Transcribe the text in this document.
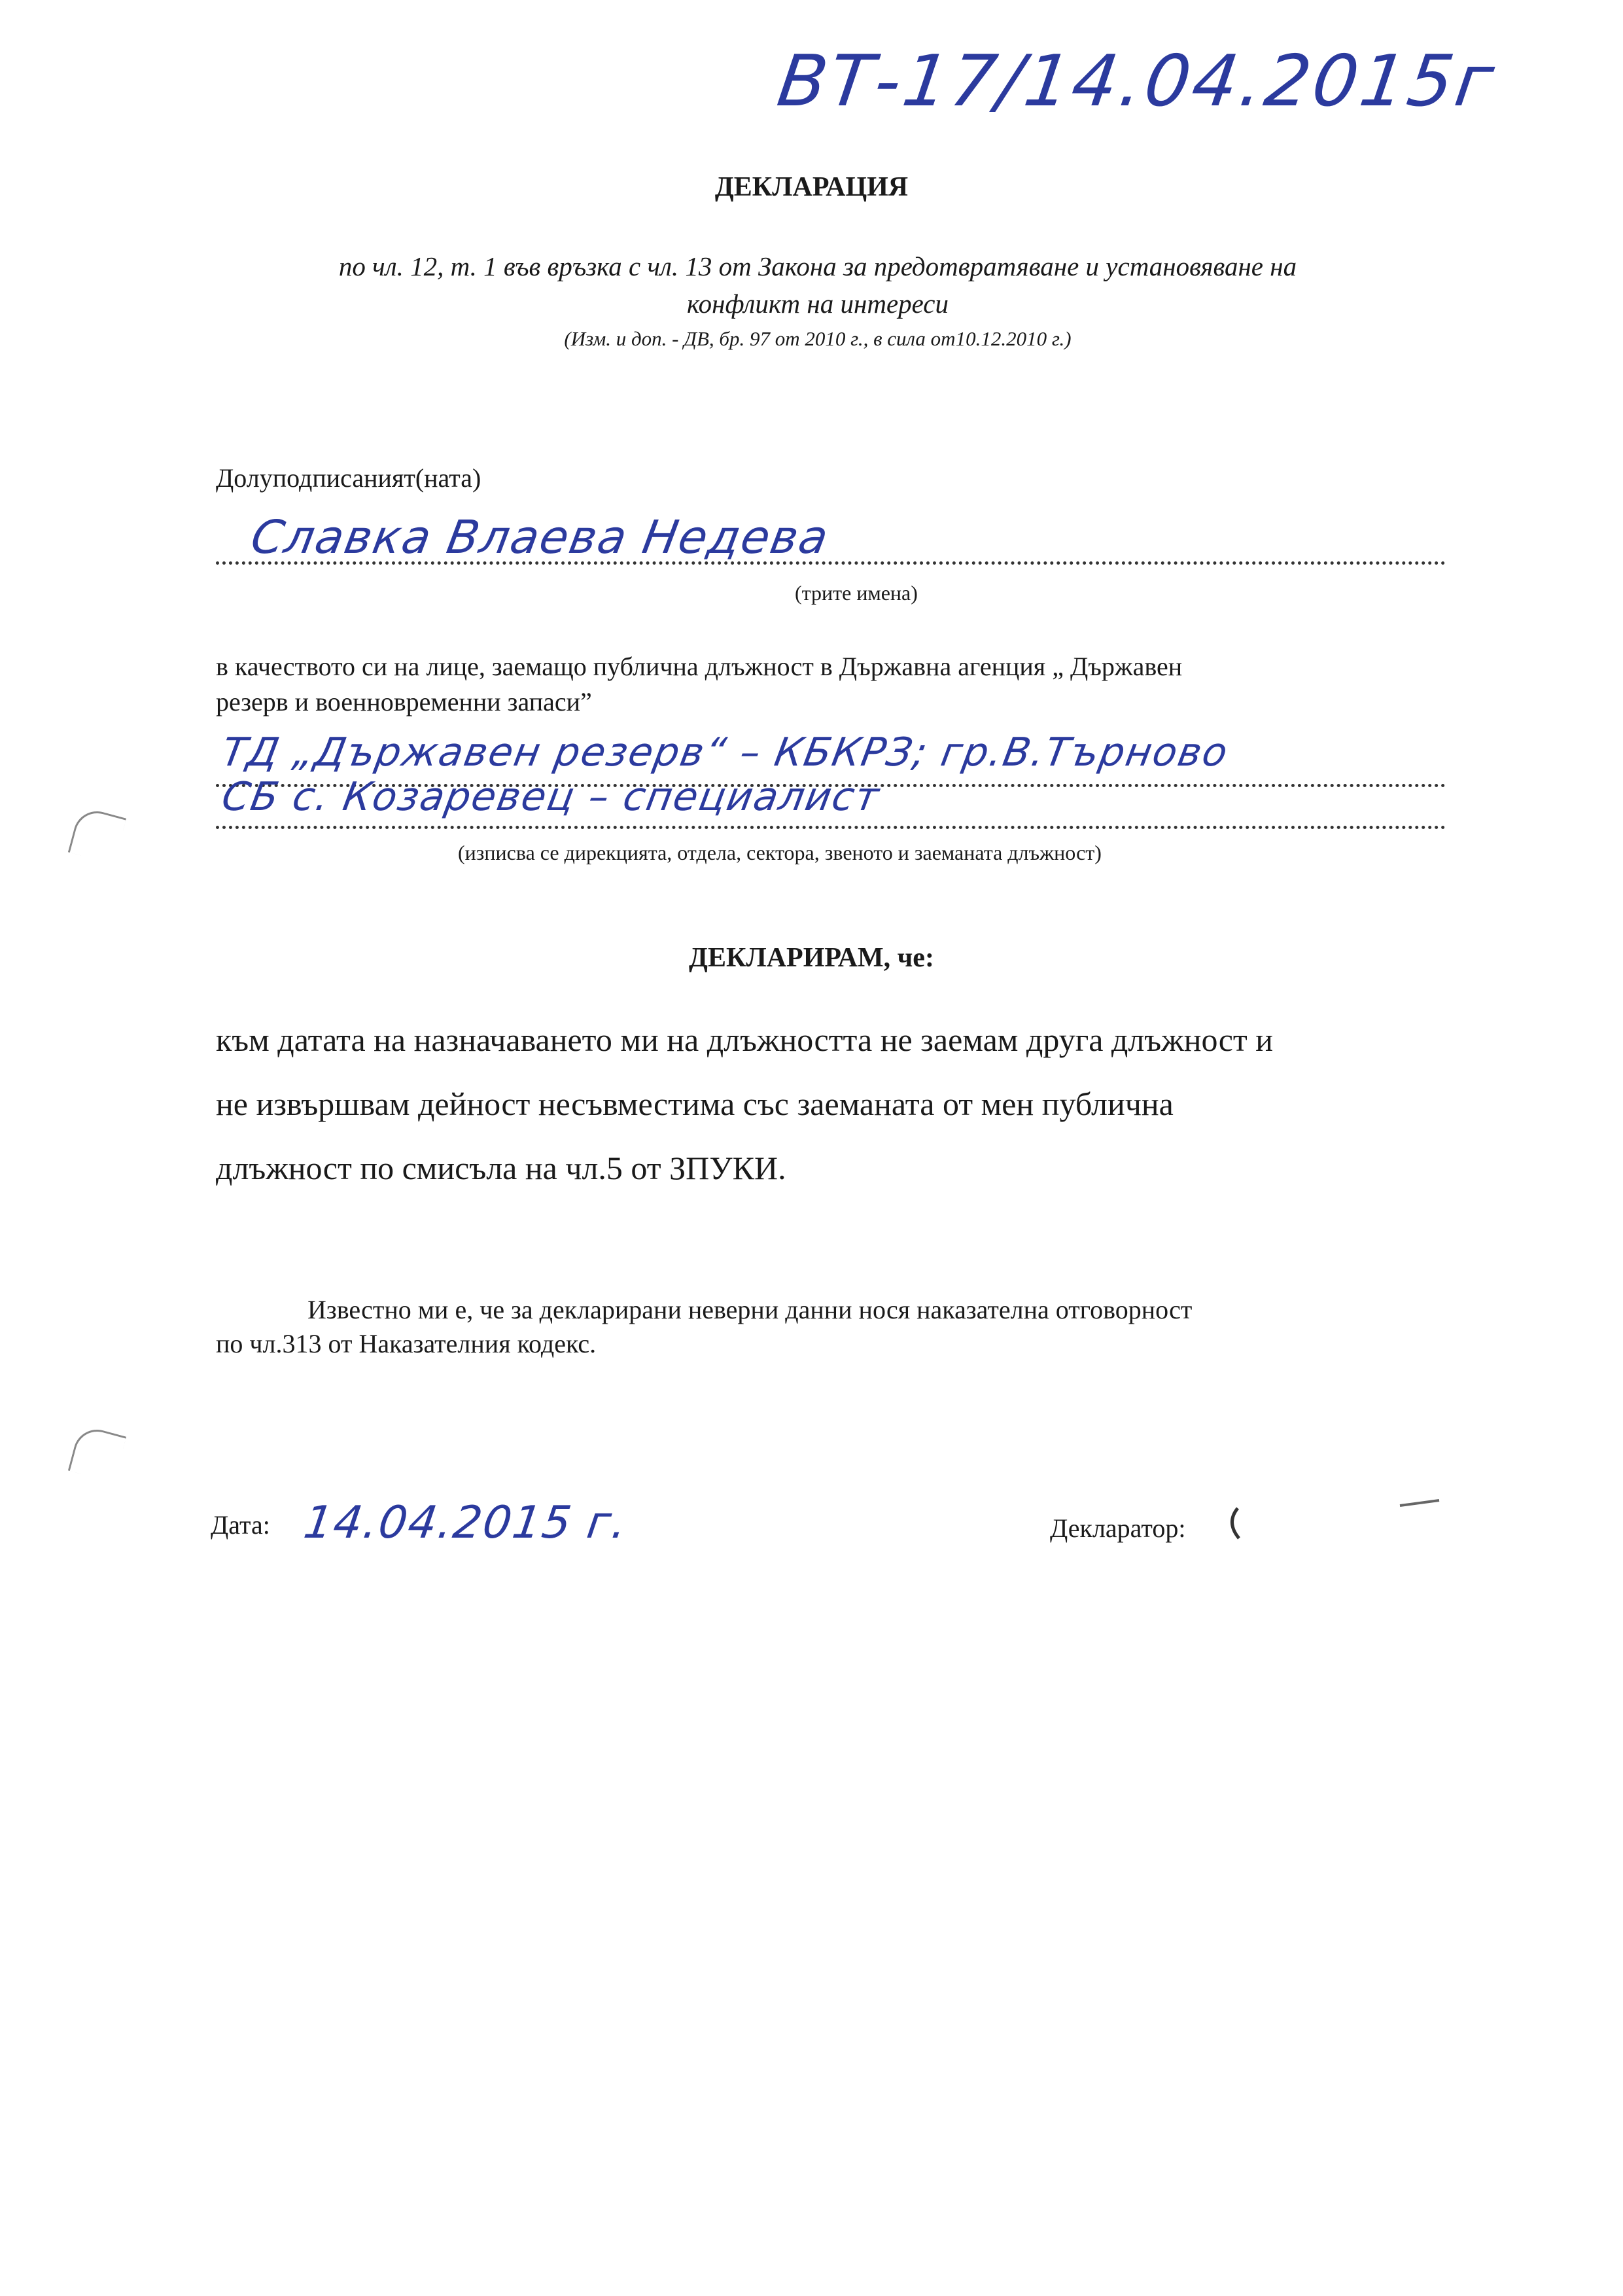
ВТ-17/14.04.2015г
ДЕКЛАРАЦИЯ
по чл. 12, т. 1 във връзка с чл. 13 от Закона за предотвратяване и установяване на
конфликт на интереси
(Изм. и доп. - ДВ, бр. 97 от 2010 г., в сила от10.12.2010 г.)
Долуподписаният(ната)
Славка Влаева Недева
(трите имена)
в качеството си на лице, заемащо публична длъжност в Държавна агенция „ Държавен
резерв и военновременни запаси”
ТД „Държавен резерв“ – КБКРЗ; гр.В.Търново
СБ с. Козаревец – специалист
(изписва се дирекцията, отдела, сектора, звеното и заеманата длъжност)
ДЕКЛАРИРАМ, че:
към датата на назначаването ми на длъжността не заемам друга длъжност и
не извършвам дейност несъвместима със заеманата от мен публична
длъжност по смисъла на чл.5 от ЗПУКИ.
Известно ми е, че за декларирани неверни данни нося наказателна отговорност
по чл.313 от Наказателния кодекс.
Дата: 14.04.2015 г.	Декларатор:
